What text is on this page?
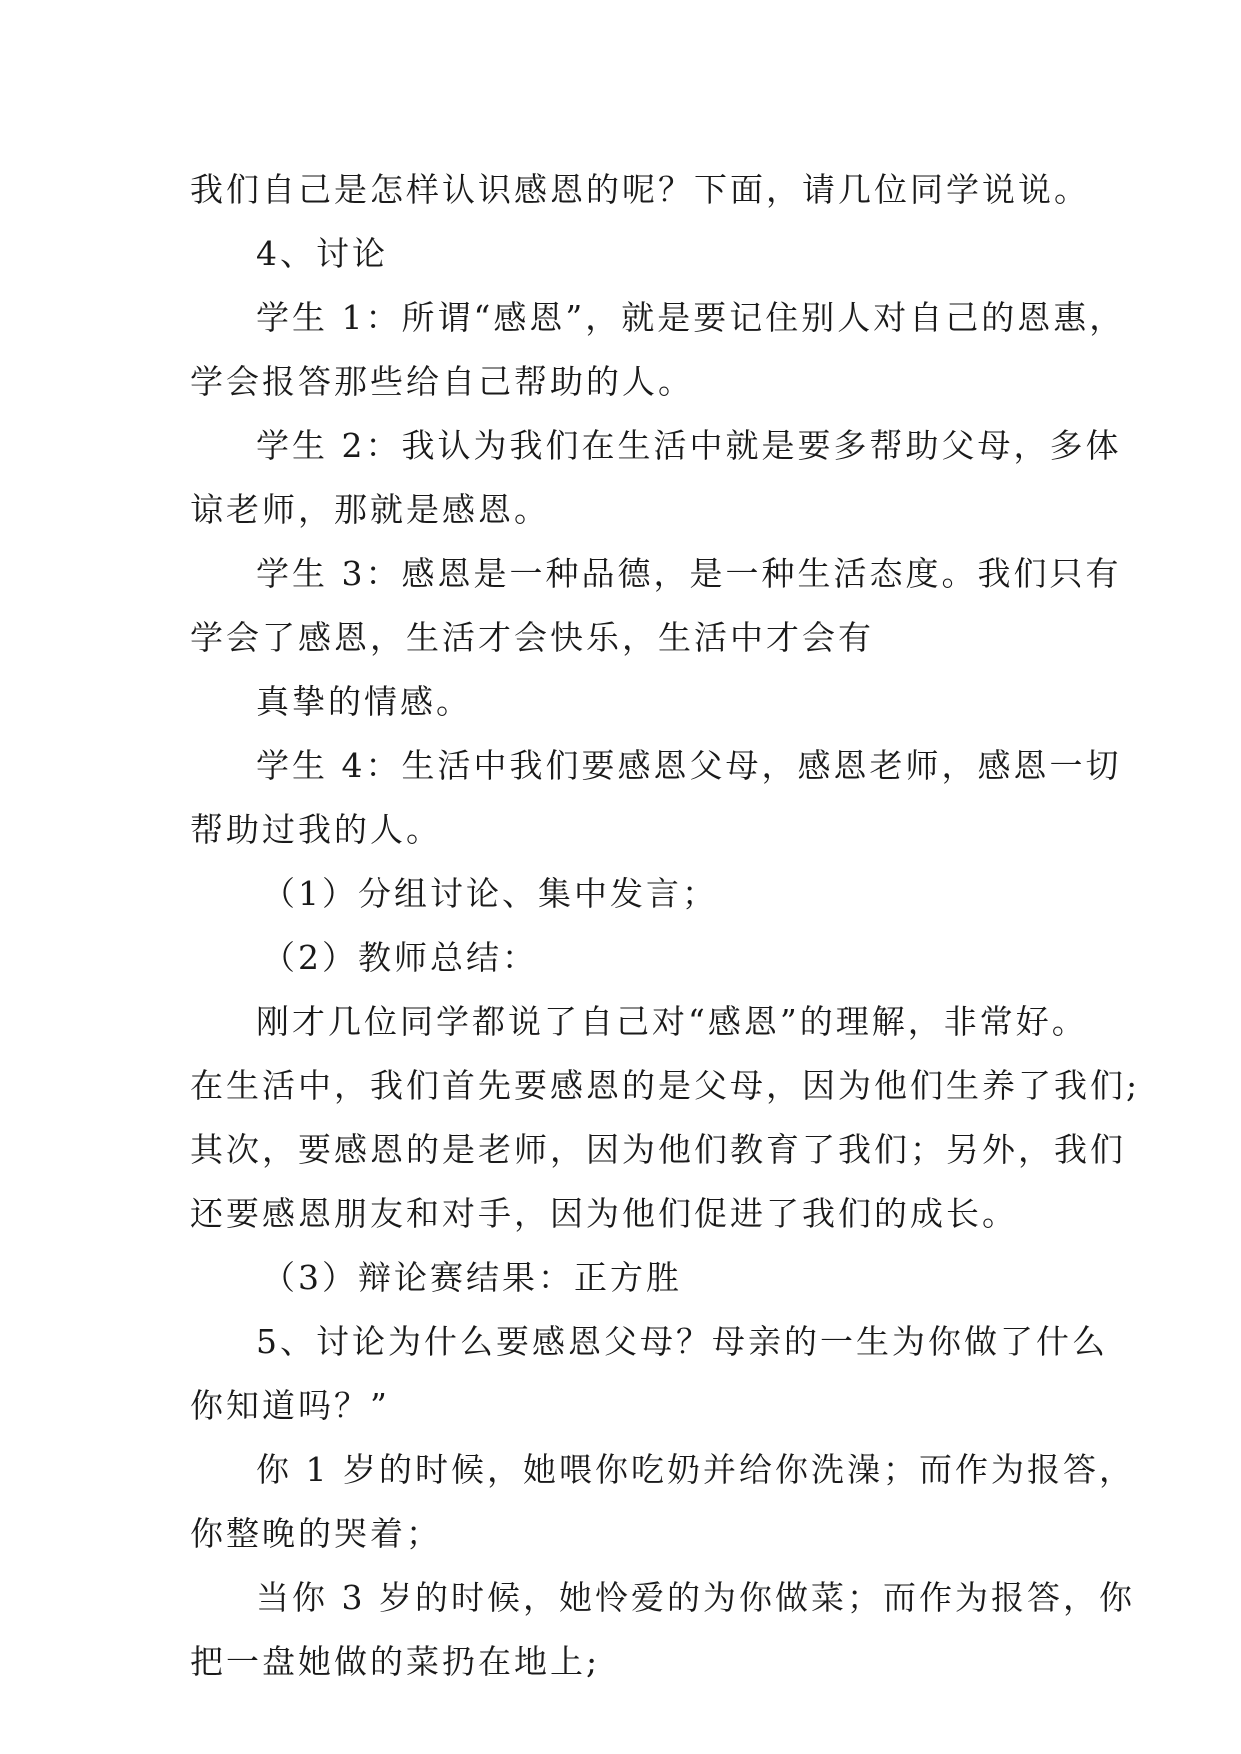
我们自己是怎样认识感恩的呢？下面，请几位同学说说。
4、讨论
学生 1：所谓“感恩”，就是要记住别人对自己的恩惠，
学会报答那些给自己帮助的人。
学生 2：我认为我们在生活中就是要多帮助父母，多体
谅老师，那就是感恩。
学生 3：感恩是一种品德，是一种生活态度。我们只有
学会了感恩，生活才会快乐，生活中才会有
真挚的情感。
学生 4：生活中我们要感恩父母，感恩老师，感恩一切
帮助过我的人。
（1）分组讨论、集中发言；
（2）教师总结：
刚才几位同学都说了自己对“感恩”的理解，非常好。
在生活中，我们首先要感恩的是父母，因为他们生养了我们;
其次，要感恩的是老师，因为他们教育了我们；另外，我们
还要感恩朋友和对手，因为他们促进了我们的成长。
（3）辩论赛结果：正方胜
5、讨论为什么要感恩父母？母亲的一生为你做了什么
你知道吗？”
你 1 岁的时候，她喂你吃奶并给你洗澡；而作为报答，
你整晚的哭着；
当你 3 岁的时候，她怜爱的为你做菜；而作为报答，你
把一盘她做的菜扔在地上;
